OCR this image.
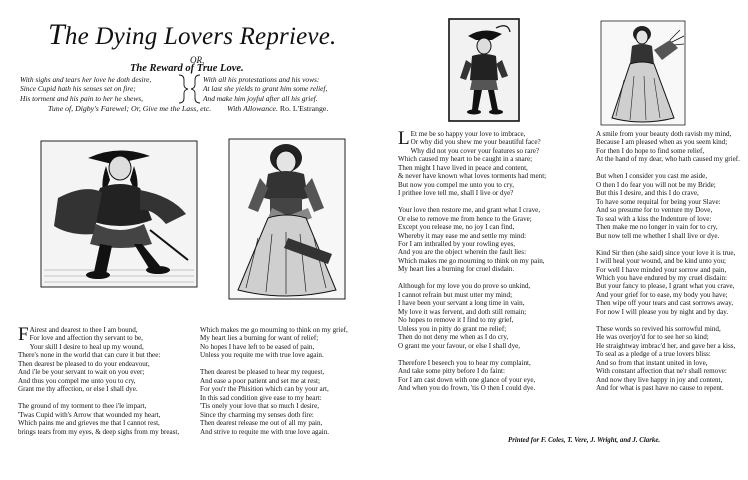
The Dying Lovers Reprieve.
OR,
The Reward of True Love.
With sighs and tears her love he doth desire,
Since Cupid hath his senses set on fire;
His torment and his pain to her he shews,
With all his protestations and his vows:
At last she yields to grant him some relief,
And make him joyful after all his grief.
Tune of, Digby's Farewel; Or, Give me the Lass, etc. With Allowance. Ro. L'Estrange.
F Airest and dearest to thee I am bound,
For love and affection thy servant to be,
Your skill I desire to heal up my wound,
There's none in the world that can cure it but thee:
Then dearest be pleased to do your endeavour,
And i'le be your servant to wait on you ever;
And thus you compel me unto you to cry,
Grant me thy affection, or else I shall dye.
The ground of my torment to thee i'le impart,
'Twas Cupid with's Arrow that wounded my heart,
Which pains me and grieves me that I cannot rest,
brings tears from my eyes, & deep sighs from my breast,
Which makes me go mourning to think on my grief,
My heart lies a burning for want of relief;
No hopes I have left to be eased of pain,
Unless you requite me with true love again.
Then dearest be pleased to hear my request,
And ease a poor patient and set me at rest;
For you'r the Phisition which can by your art,
In this sad condition give ease to my heart:
'Tis onely your love that so much I desire,
Since thy charming my senses doth fire:
Then dearest release me out of all my pain,
And strive to requite me with true love again.
L Et me be so happy your love to imbrace,
Or why did you shew me your beautiful face?
Why did not you cover your features so rare?
Which caused my heart to be caught in a snare;
Then might I have lived in peace and content,
& never have known what loves torments had ment;
But now you compel me unto you to cry,
I prithee love tell me, shall I live or dye?
Your love then restore me, and grant what I crave,
Or else to remove me from hence to the Grave;
Except you release me, no joy I can find,
Whereby it may ease me and settle my mind:
For I am inthralled by your rowling eyes,
And you are the object wherein the fault lies:
Which makes me go mourning to think on my pain,
My heart lies a burning for cruel disdain.
Although for my love you do prove so unkind,
I cannot refrain but must utter my mind;
I have been your servant a long time in vain,
My love it was fervent, and doth still remain;
No hopes to remove it I find to my grief,
Unless you in pitty do grant me relief;
Then do not deny me when as I do cry,
O grant me your favour, or else I shall dye,
Therefore I beseech you to hear my complaint,
And take some pitty before I do faint:
For I am cast down with one glance of your eye,
And when you do frown, 'tis O then I could dye.
A smile from your beauty doth ravish my mind,
Because I am pleased when as you seem kind;
For then I do hope to find some relief,
At the hand of my dear, who hath caused my grief.
But when I consider you cast me aside,
O then I do fear you will not be my Bride;
But this I desire, and this I do crave,
To have some requital for being your Slave:
And so presume for to venture my Dove,
To seal with a kiss the Indenture of love:
Then make me no longer in vain for to cry,
But now tell me whether I shall live or dye.
Kind Sir then (she said) since your love it is true,
I will heal your wound, and be kind unto you;
For well I have minded your sorrow and pain,
Which you have endured by my cruel disdain:
But your fancy to please, I grant what you crave,
And your grief for to ease, my body you have;
Then wipe off your tears and cast sorrows away,
For now I will please you by night and by day.
These words so revived his sorrowful mind,
He was overjoy'd for to see her so kind;
He straightway imbrac'd her, and gave her a kiss,
To seal as a pledge of a true lovers bliss:
And so from that instant united in love,
With constant affection that ne'r shall remove:
And now they live happy in joy and content,
And for what is past have no cause to repent.
Printed for F. Coles, T. Vere, J. Wright, and J. Clarke.
